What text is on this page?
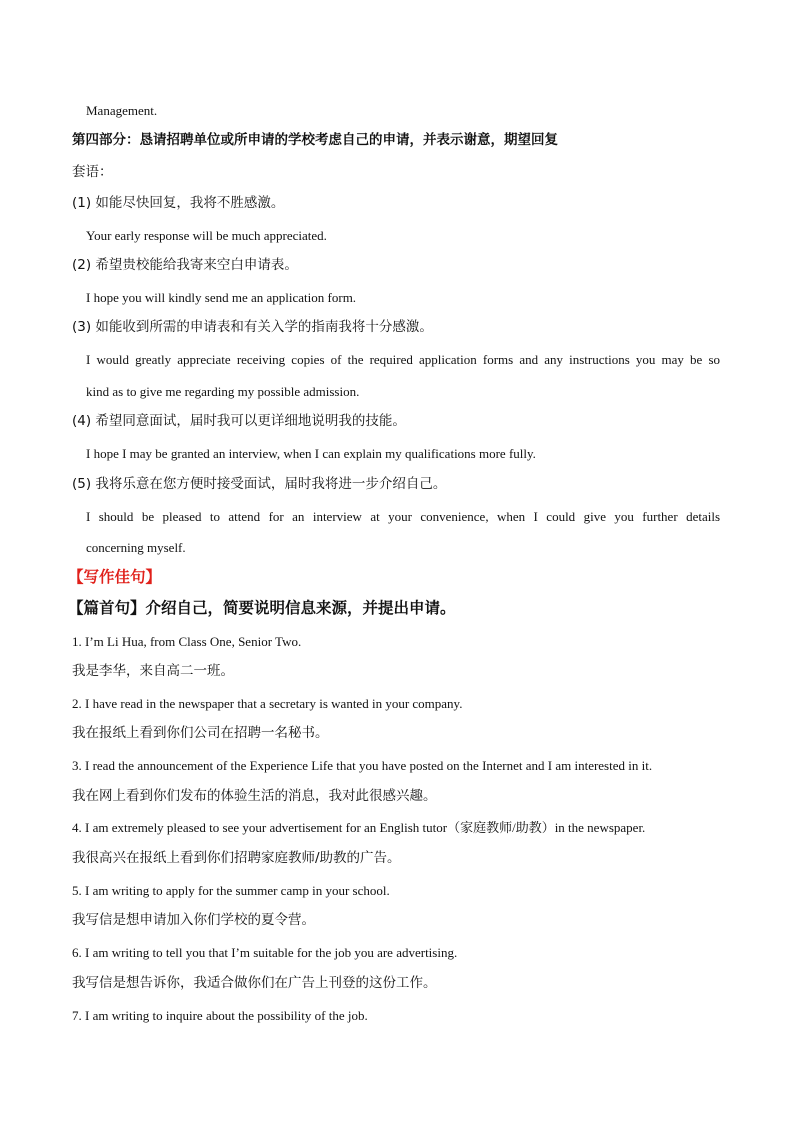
Management.
第四部分：恳请招聘单位或所申请的学校考虑自己的申请，并表示谢意，期望回复
套语：
(1) 如能尽快回复，我将不胜感激。
Your early response will be much appreciated.
(2) 希望贵校能给我寄来空白申请表。
I hope you will kindly send me an application form.
(3) 如能收到所需的申请表和有关入学的指南我将十分感激。
I would greatly appreciate receiving copies of the required application forms and any instructions you may be so
kind as to give me regarding my possible admission.
(4) 希望同意面试，届时我可以更详细地说明我的技能。
I hope I may be granted an interview, when I can explain my qualifications more fully.
(5) 我将乐意在您方便时接受面试，届时我将进一步介绍自己。
I should be pleased to attend for an interview at your convenience, when I could give you further details
concerning myself.
【写作佳句】
【篇首句】介绍自己，简要说明信息来源，并提出申请。
1. I’m Li Hua, from Class One, Senior Two.
我是李华，来自高二一班。
2. I have read in the newspaper that a secretary is wanted in your company.
我在报纸上看到你们公司在招聘一名秘书。
3. I read the announcement of the Experience Life that you have posted on the Internet and I am interested in it.
我在网上看到你们发布的体验生活的消息，我对此很感兴趣。
4. I am extremely pleased to see your advertisement for an English tutor（家庭教师/助教）in the newspaper.
我很高兴在报纸上看到你们招聘家庭教师/助教的广告。
5. I am writing to apply for the summer camp in your school.
我写信是想申请加入你们学校的夏令营。
6. I am writing to tell you that I’m suitable for the job you are advertising.
我写信是想告诉你，我适合做你们在广告上刊登的这份工作。
7. I am writing to inquire about the possibility of the job.
